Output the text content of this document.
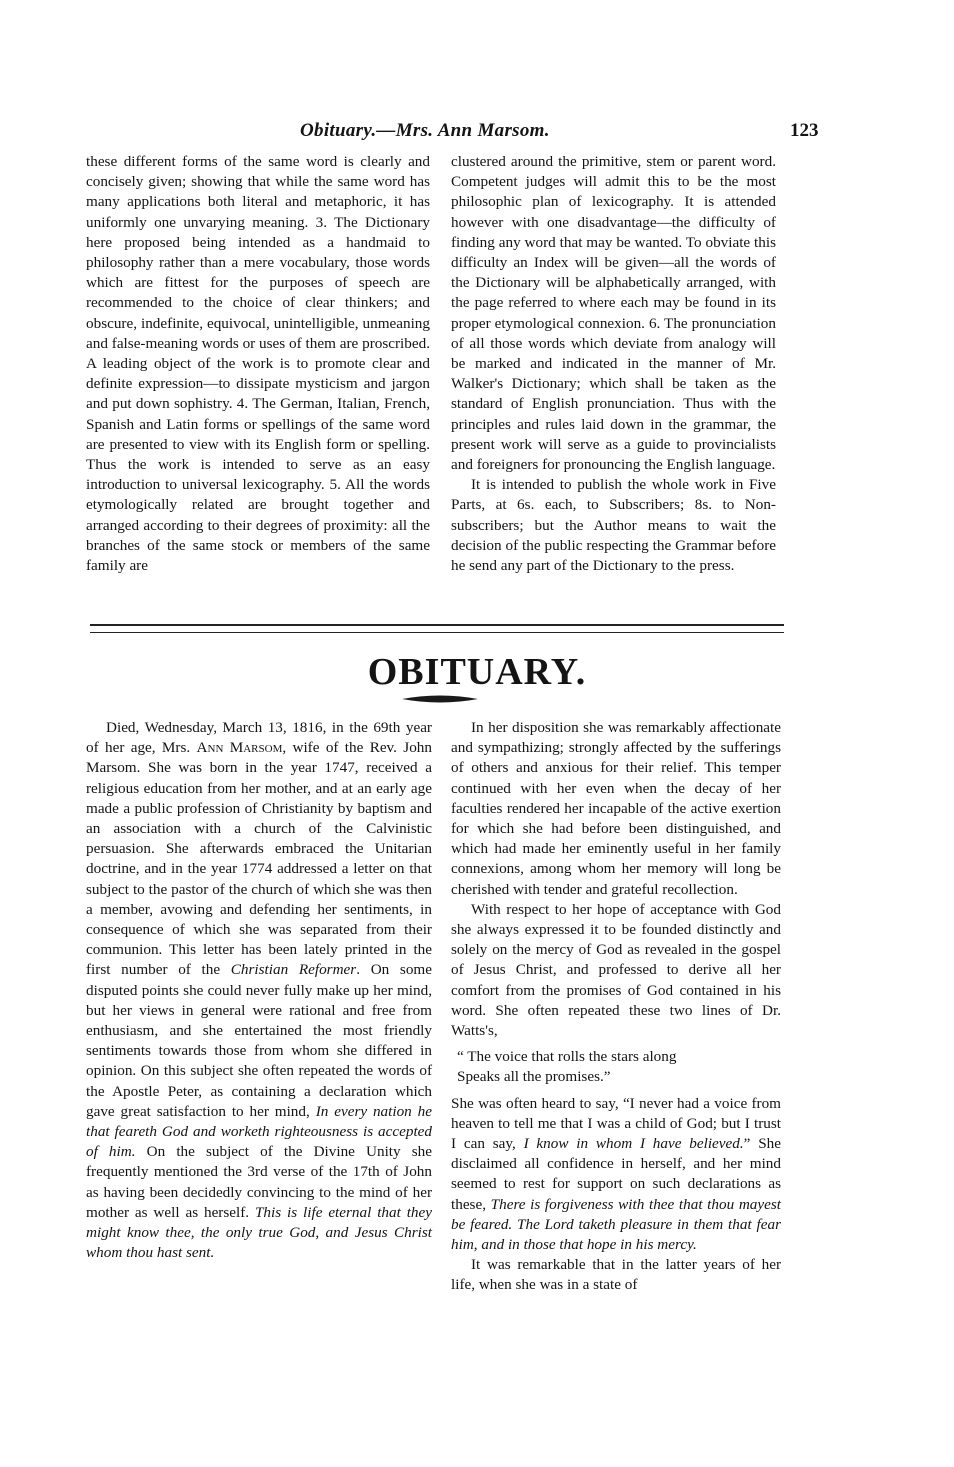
Obituary.—Mrs. Ann Marsom.	123

these different forms of the same word is clearly and concisely given; showing that while the same word has many applications both literal and metaphoric, it has uniformly one unvarying meaning. 3. The Dictionary here proposed being intended as a handmaid to philosophy rather than a mere vocabulary, those words which are fittest for the purposes of speech are recommended to the choice of clear thinkers; and obscure, indefinite, equivocal, unintelligible, unmeaning and false-meaning words or uses of them are proscribed. A leading object of the work is to promote clear and definite expression—to dissipate mysticism and jargon and put down sophistry. 4. The German, Italian, French, Spanish and Latin forms or spellings of the same word are presented to view with its English form or spelling. Thus the work is intended to serve as an easy introduction to universal lexicography. 5. All the words etymologically related are brought together and arranged according to their degrees of proximity: all the branches of the same stock or members of the same family are

clustered around the primitive, stem or parent word. Competent judges will admit this to be the most philosophic plan of lexicography. It is attended however with one disadvantage—the difficulty of finding any word that may be wanted. To obviate this difficulty an Index will be given—all the words of the Dictionary will be alphabetically arranged, with the page referred to where each may be found in its proper etymological connexion. 6. The pronunciation of all those words which deviate from analogy will be marked and indicated in the manner of Mr. Walker's Dictionary; which shall be taken as the standard of English pronunciation. Thus with the principles and rules laid down in the grammar, the present work will serve as a guide to provincialists and foreigners for pronouncing the English language.

It is intended to publish the whole work in Five Parts, at 6s. each, to Subscribers; 8s. to Non-subscribers; but the Author means to wait the decision of the public respecting the Grammar before he send any part of the Dictionary to the press.

OBITUARY.

Died, Wednesday, March 13, 1816, in the 69th year of her age, Mrs. Ann Marsom, wife of the Rev. John Marsom. She was born in the year 1747, received a religious education from her mother, and at an early age made a public profession of Christianity by baptism and an association with a church of the Calvinistic persuasion. She afterwards embraced the Unitarian doctrine, and in the year 1774 addressed a letter on that subject to the pastor of the church of which she was then a member, avowing and defending her sentiments, in consequence of which she was separated from their communion. This letter has been lately printed in the first number of the Christian Reformer. On some disputed points she could never fully make up her mind, but her views in general were rational and free from enthusiasm, and she entertained the most friendly sentiments towards those from whom she differed in opinion. On this subject she often repeated the words of the Apostle Peter, as containing a declaration which gave great satisfaction to her mind, In every nation he that feareth God and worketh righteousness is accepted of him. On the subject of the Divine Unity she frequently mentioned the 3rd verse of the 17th of John as having been decidedly convincing to the mind of her mother as well as herself. This is life eternal that they might know thee, the only true God, and Jesus Christ whom thou hast sent.

In her disposition she was remarkably affectionate and sympathizing; strongly affected by the sufferings of others and anxious for their relief. This temper continued with her even when the decay of her faculties rendered her incapable of the active exertion for which she had before been distinguished, and which had made her eminently useful in her family connexions, among whom her memory will long be cherished with tender and grateful recollection.

With respect to her hope of acceptance with God she always expressed it to be founded distinctly and solely on the mercy of God as revealed in the gospel of Jesus Christ, and professed to derive all her comfort from the promises of God contained in his word. She often repeated these two lines of Dr. Watts's,

“ The voice that rolls the stars along
Speaks all the promises.”

She was often heard to say, “I never had a voice from heaven to tell me that I was a child of God; but I trust I can say, I know in whom I have believed.” She disclaimed all confidence in herself, and her mind seemed to rest for support on such declarations as these, There is forgiveness with thee that thou mayest be feared. The Lord taketh pleasure in them that fear him, and in those that hope in his mercy.

It was remarkable that in the latter years of her life, when she was in a state of
